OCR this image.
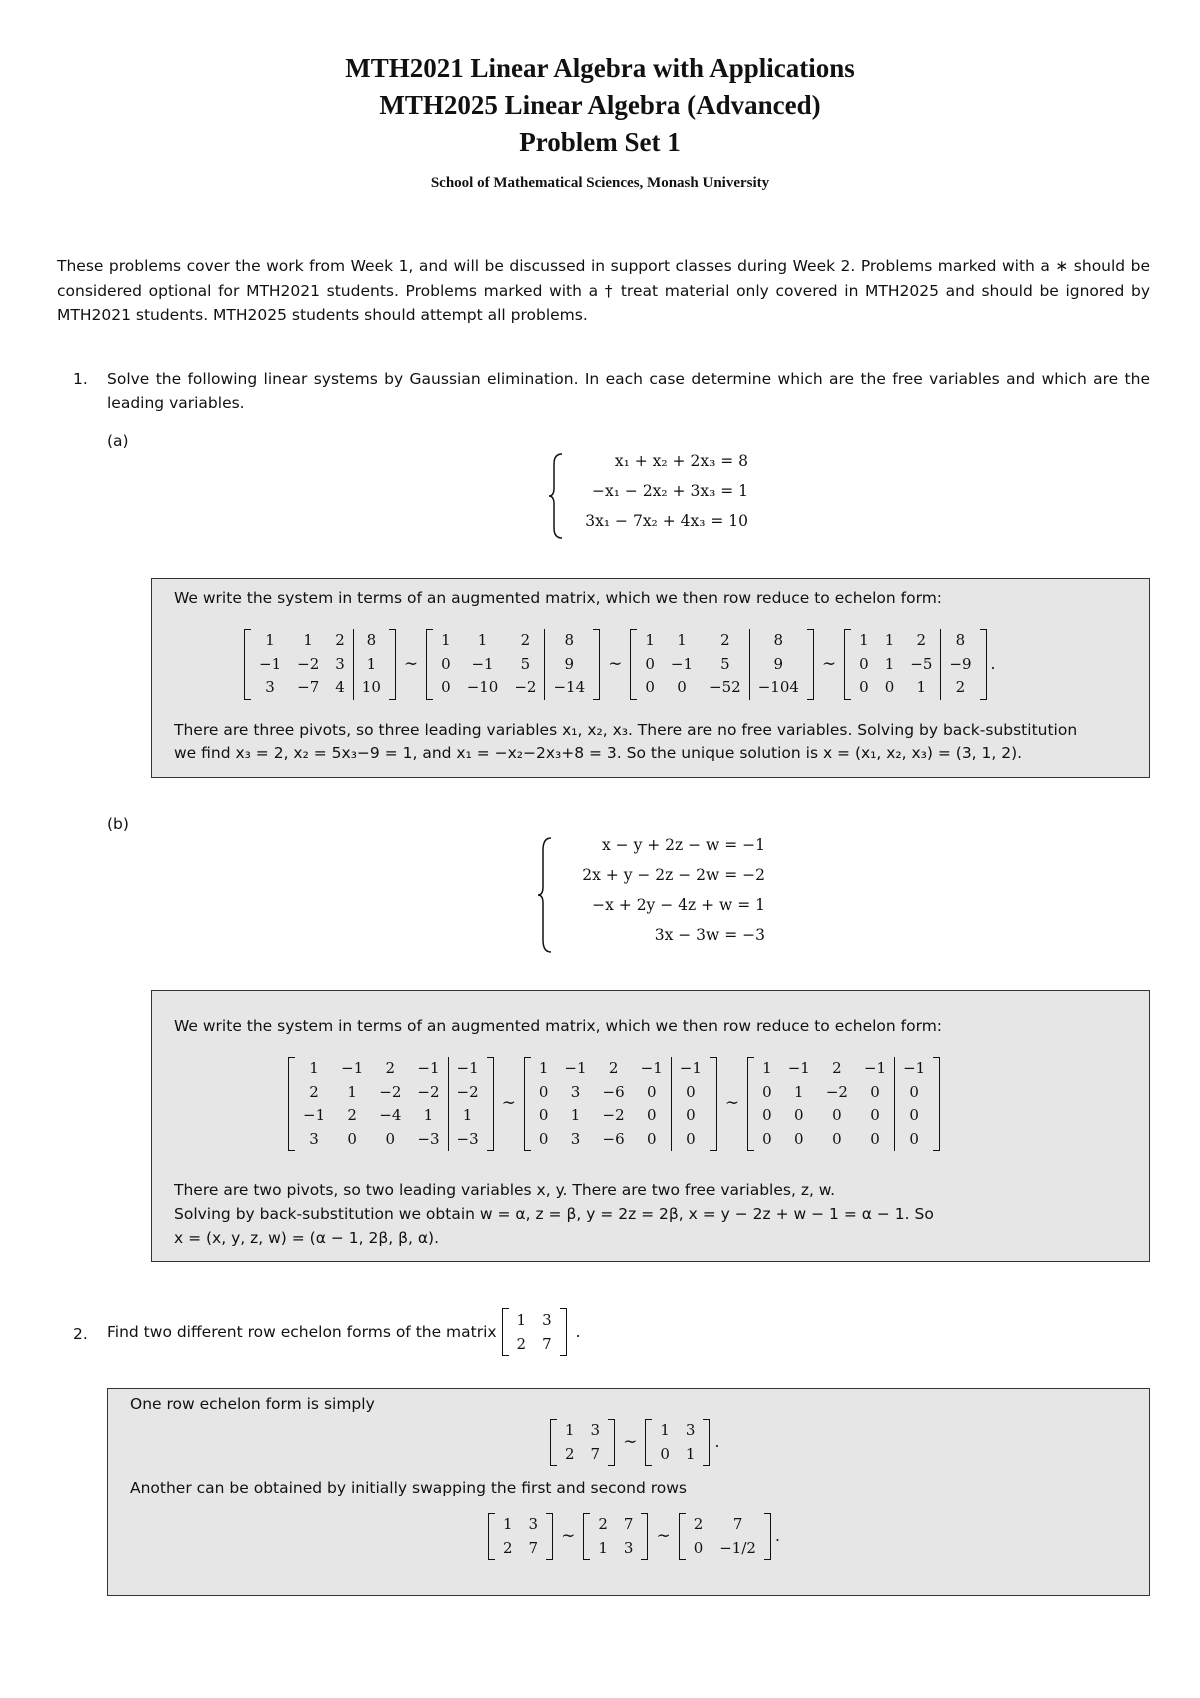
MTH2021 Linear Algebra with Applications
MTH2025 Linear Algebra (Advanced)
Problem Set 1
School of Mathematical Sciences, Monash University
These problems cover the work from Week 1, and will be discussed in support classes during Week 2. Problems marked with a ∗ should be considered optional for MTH2021 students. Problems marked with a † treat material only covered in MTH2025 and should be ignored by MTH2021 students. MTH2025 students should attempt all problems.
1. Solve the following linear systems by Gaussian elimination. In each case determine which are the free variables and which are the leading variables.
(a)
x₁ + x₂ + 2x₃ = 8
−x₁ − 2x₂ + 3x₃ = 1
3x₁ − 7x₂ + 4x₃ = 10
We write the system in terms of an augmented matrix, which we then row reduce to echelon form:
1	1	2	8
−1	−2	3	1
3	−7	4	10
∼
1	1	2	8
0	−1	5	9
0	−10	−2	−14
∼
1	1	2	8
0	−1	5	9
0	0	−52	−104
∼
1	1	2	8
0	1	−5	−9
0	0	1	2
.
There are three pivots, so three leading variables x₁, x₂, x₃. There are no free variables. Solving by back-substitution
we find x₃ = 2, x₂ = 5x₃−9 = 1, and x₁ = −x₂−2x₃+8 = 3. So the unique solution is x = (x₁, x₂, x₃) = (3, 1, 2).
(b)
x − y + 2z − w = −1
2x + y − 2z − 2w = −2
−x + 2y − 4z + w = 1
3x − 3w = −3
We write the system in terms of an augmented matrix, which we then row reduce to echelon form:
1	−1	2	−1	−1
2	1	−2	−2	−2
−1	2	−4	1	1
3	0	0	−3	−3
∼
1	−1	2	−1	−1
0	3	−6	0	0
0	1	−2	0	0
0	3	−6	0	0
∼
1	−1	2	−1	−1
0	1	−2	0	0
0	0	0	0	0
0	0	0	0	0
There are two pivots, so two leading variables x, y. There are two free variables, z, w.
Solving by back-substitution we obtain w = α, z = β, y = 2z = 2β, x = y − 2z + w − 1 = α − 1. So
x = (x, y, z, w) = (α − 1, 2β, β, α).
2. Find two different row echelon forms of the matrix
1	3
2	7
.
One row echelon form is simply
1	3
2	7
∼
1	3
0	1
.
Another can be obtained by initially swapping the first and second rows
1	3
2	7
∼
2	7
1	3
∼
2	7
0	−1/2
.
